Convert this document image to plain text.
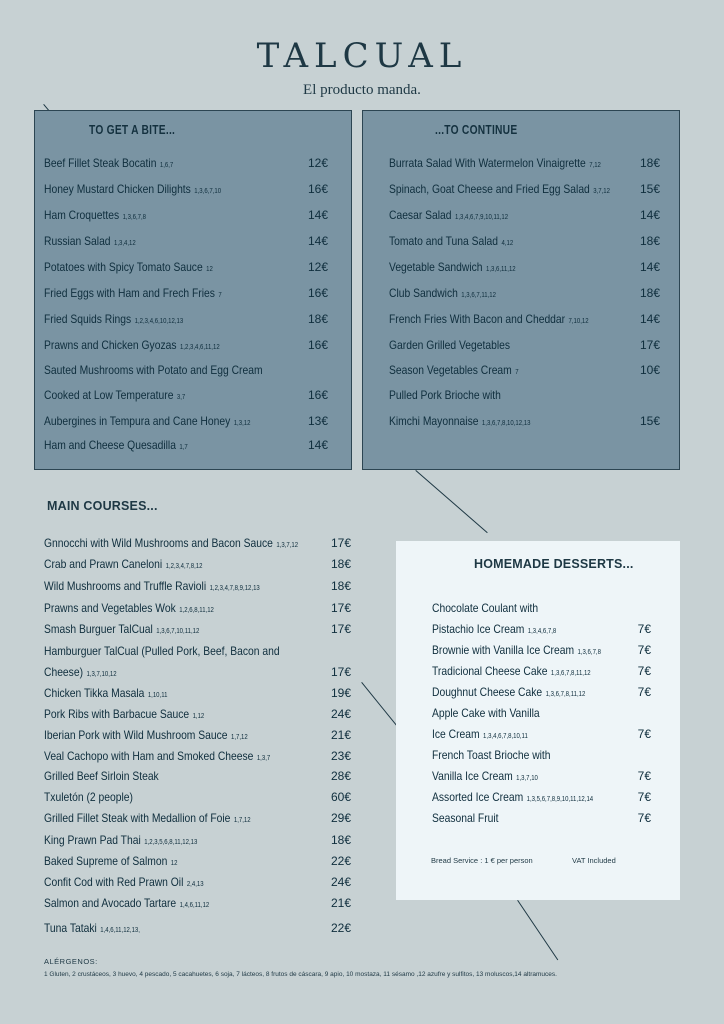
TALCUAL
El producto manda.
TO GET A BITE...
Beef Fillet Steak Bocatin 1,6,7	12€
Honey Mustard Chicken Dilights 1,3,6,7,10	16€
Ham Croquettes 1,3,6,7,8	14€
Russian Salad 1,3,4,12	14€
Potatoes with Spicy Tomato Sauce 12	12€
Fried Eggs with Ham and Frech Fries 7	16€
Fried Squids Rings 1,2,3,4,6,10,12,13	18€
Prawns and Chicken Gyozas 1,2,3,4,6,11,12	16€
Sauted Mushrooms with Potato and Egg Cream
Cooked at Low Temperature 3,7	16€
Aubergines in Tempura and Cane Honey 1,3,12	13€
Ham and Cheese Quesadilla 1,7	14€
...TO CONTINUE
Burrata Salad With Watermelon Vinaigrette 7,12	18€
Spinach, Goat Cheese and Fried Egg Salad 3,7,12	15€
Caesar Salad 1,3,4,6,7,9,10,11,12	14€
Tomato and Tuna Salad 4,12	18€
Vegetable Sandwich 1,3,6,11,12	14€
Club Sandwich 1,3,6,7,11,12	18€
French Fries With Bacon and Cheddar 7,10,12	14€
Garden Grilled Vegetables	17€
Season Vegetables Cream 7	10€
Pulled Pork Brioche with
Kimchi Mayonnaise 1,3,6,7,8,10,12,13	15€
MAIN COURSES...
Gnnocchi with Wild Mushrooms and Bacon Sauce 1,3,7,12	17€
Crab and Prawn Caneloni 1,2,3,4,7,8,12	18€
Wild Mushrooms and Truffle Ravioli 1,2,3,4,7,8,9,12,13	18€
Prawns and Vegetables Wok 1,2,6,8,11,12	17€
Smash Burguer TalCual 1,3,6,7,10,11,12	17€
Hamburguer TalCual (Pulled Pork, Beef, Bacon and
Cheese) 1,3,7,10,12	17€
Chicken Tikka Masala 1,10,11	19€
Pork Ribs with Barbacue Sauce 1,12	24€
Iberian Pork with Wild Mushroom Sauce 1,7,12	21€
Veal Cachopo with Ham and Smoked Cheese 1,3,7	23€
Grilled Beef Sirloin Steak	28€
Txuletón (2 people)	60€
Grilled Fillet Steak with Medallion of Foie 1,7,12	29€
King Prawn Pad Thai 1,2,3,5,6,8,11,12,13	18€
Baked Supreme of Salmon 12	22€
Confit Cod with Red Prawn Oil 2,4,13	24€
Salmon and Avocado Tartare 1,4,6,11,12	21€
Tuna Tataki 1,4,6,11,12,13,	22€
HOMEMADE DESSERTS...
Bread Service : 1 € per person	VAT Included
Chocolate Coulant with
Pistachio Ice Cream 1,3,4,6,7,8	7€
Brownie with Vanilla Ice Cream 1,3,6,7,8	7€
Tradicional Cheese Cake 1,3,6,7,8,11,12	7€
Doughnut Cheese Cake 1,3,6,7,8,11,12	7€
Apple Cake with Vanilla
Ice Cream 1,3,4,6,7,8,10,11	7€
French Toast Brioche with
Vanilla Ice Cream 1,3,7,10	7€
Assorted Ice Cream 1,3,5,6,7,8,9,10,11,12,14	7€
Seasonal Fruit	7€
ALÉRGENOS:
1 Gluten, 2 crustáceos, 3 huevo, 4 pescado, 5 cacahuetes, 6 soja, 7 lácteos, 8 frutos de cáscara, 9 apio, 10 mostaza, 11 sésamo ,12 azufre y sulfitos, 13 moluscos,14 altramuces.
